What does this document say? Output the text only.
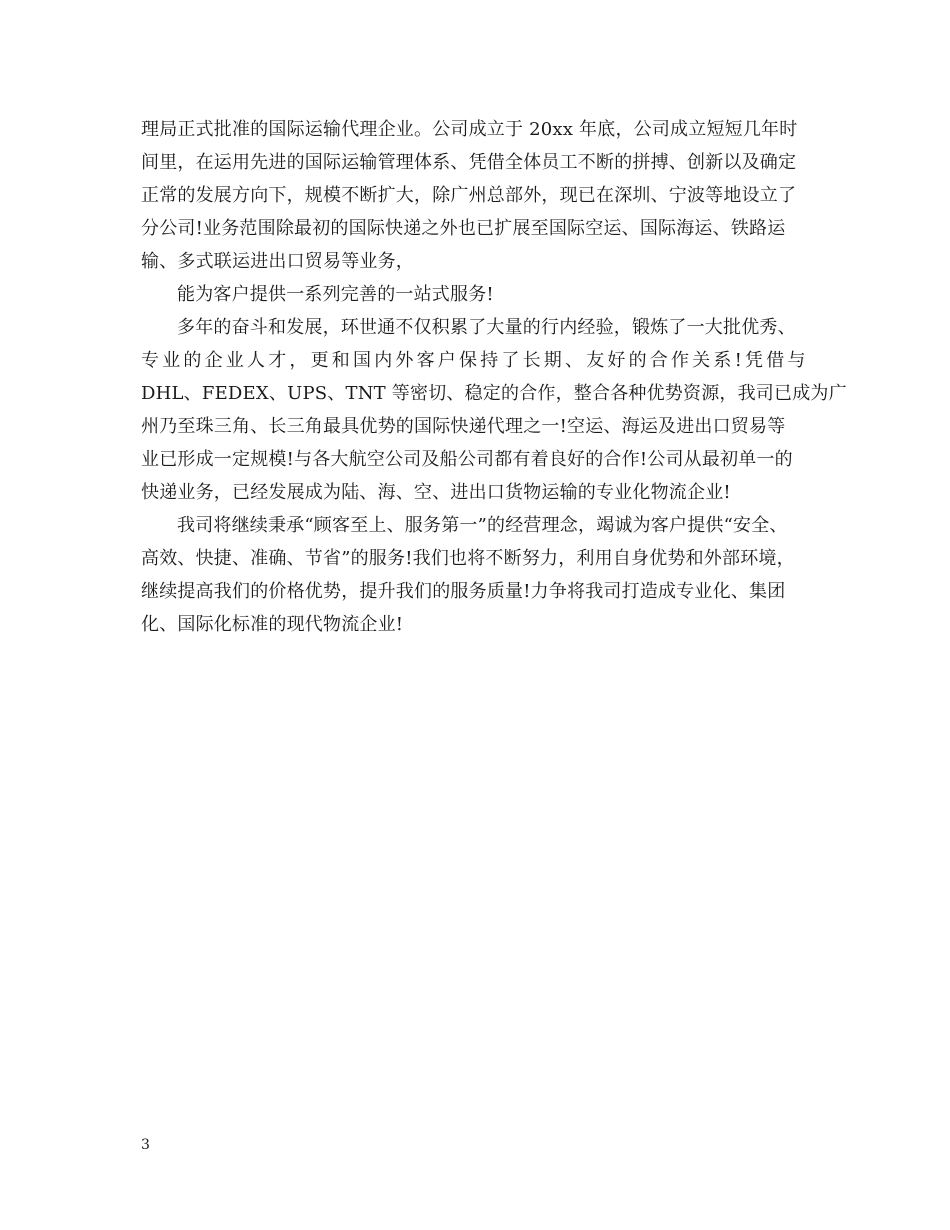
理局正式批准的国际运输代理企业。公司成立于 20xx 年底，公司成立短短几年时
间里，在运用先进的国际运输管理体系、凭借全体员工不断的拼搏、创新以及确定
正常的发展方向下，规模不断扩大，除广州总部外，现已在深圳、宁波等地设立了
分公司!业务范围除最初的国际快递之外也已扩展至国际空运、国际海运、铁路运
输、多式联运进出口贸易等业务，
能为客户提供一系列完善的一站式服务!
多年的奋斗和发展，环世通不仅积累了大量的行内经验，锻炼了一大批优秀、
专业的企业人才，更和国内外客户保持了长期、友好的合作关系!凭借与
DHL、FEDEX、UPS、TNT 等密切、稳定的合作，整合各种优势资源，我司已成为广
州乃至珠三角、长三角最具优势的国际快递代理之一!空运、海运及进出口贸易等
业已形成一定规模!与各大航空公司及船公司都有着良好的合作!公司从最初单一的
快递业务，已经发展成为陆、海、空、进出口货物运输的专业化物流企业!
我司将继续秉承“顾客至上、服务第一”的经营理念，竭诚为客户提供“安全、
高效、快捷、准确、节省”的服务!我们也将不断努力，利用自身优势和外部环境，
继续提高我们的价格优势，提升我们的服务质量!力争将我司打造成专业化、集团
化、国际化标准的现代物流企业!
3
